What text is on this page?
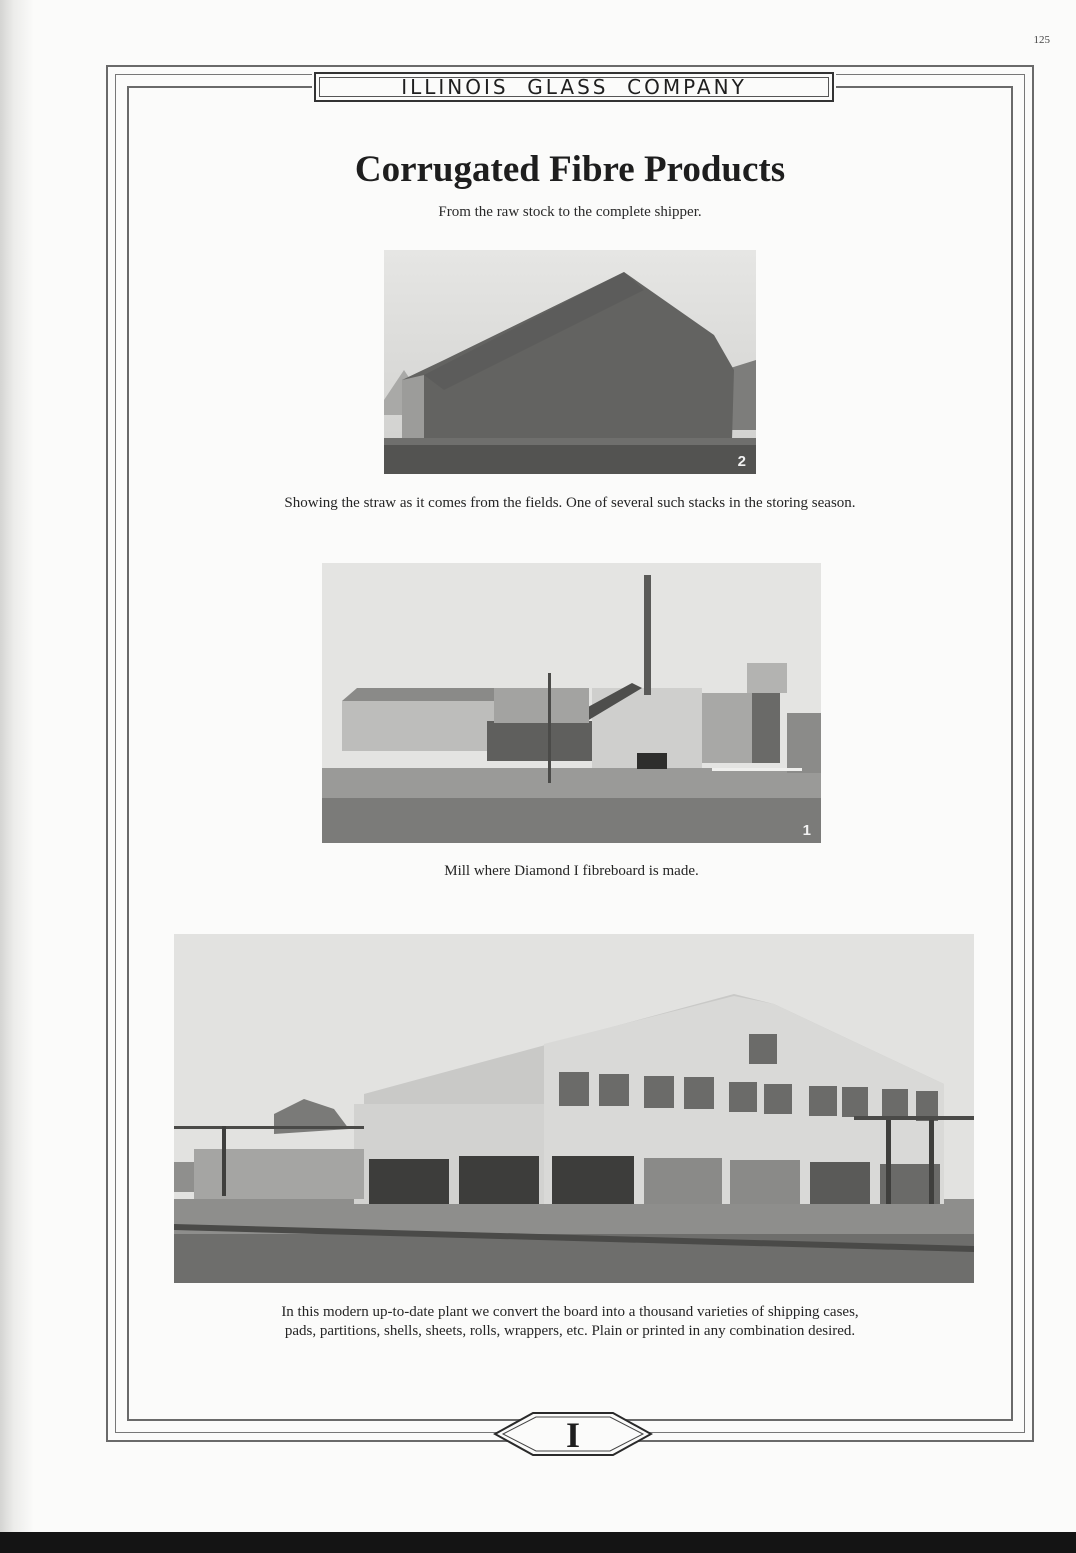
125
ILLINOIS  GLASS  COMPANY
Corrugated Fibre Products
From the raw stock to the complete shipper.
2
Showing the straw as it comes from the fields. One of several such stacks in the storing season.
1
Mill where Diamond I fibreboard is made.
In this modern up-to-date plant we convert the board into a thousand varieties of shipping cases,
pads, partitions, shells, sheets, rolls, wrappers, etc. Plain or printed in any combination desired.
I
